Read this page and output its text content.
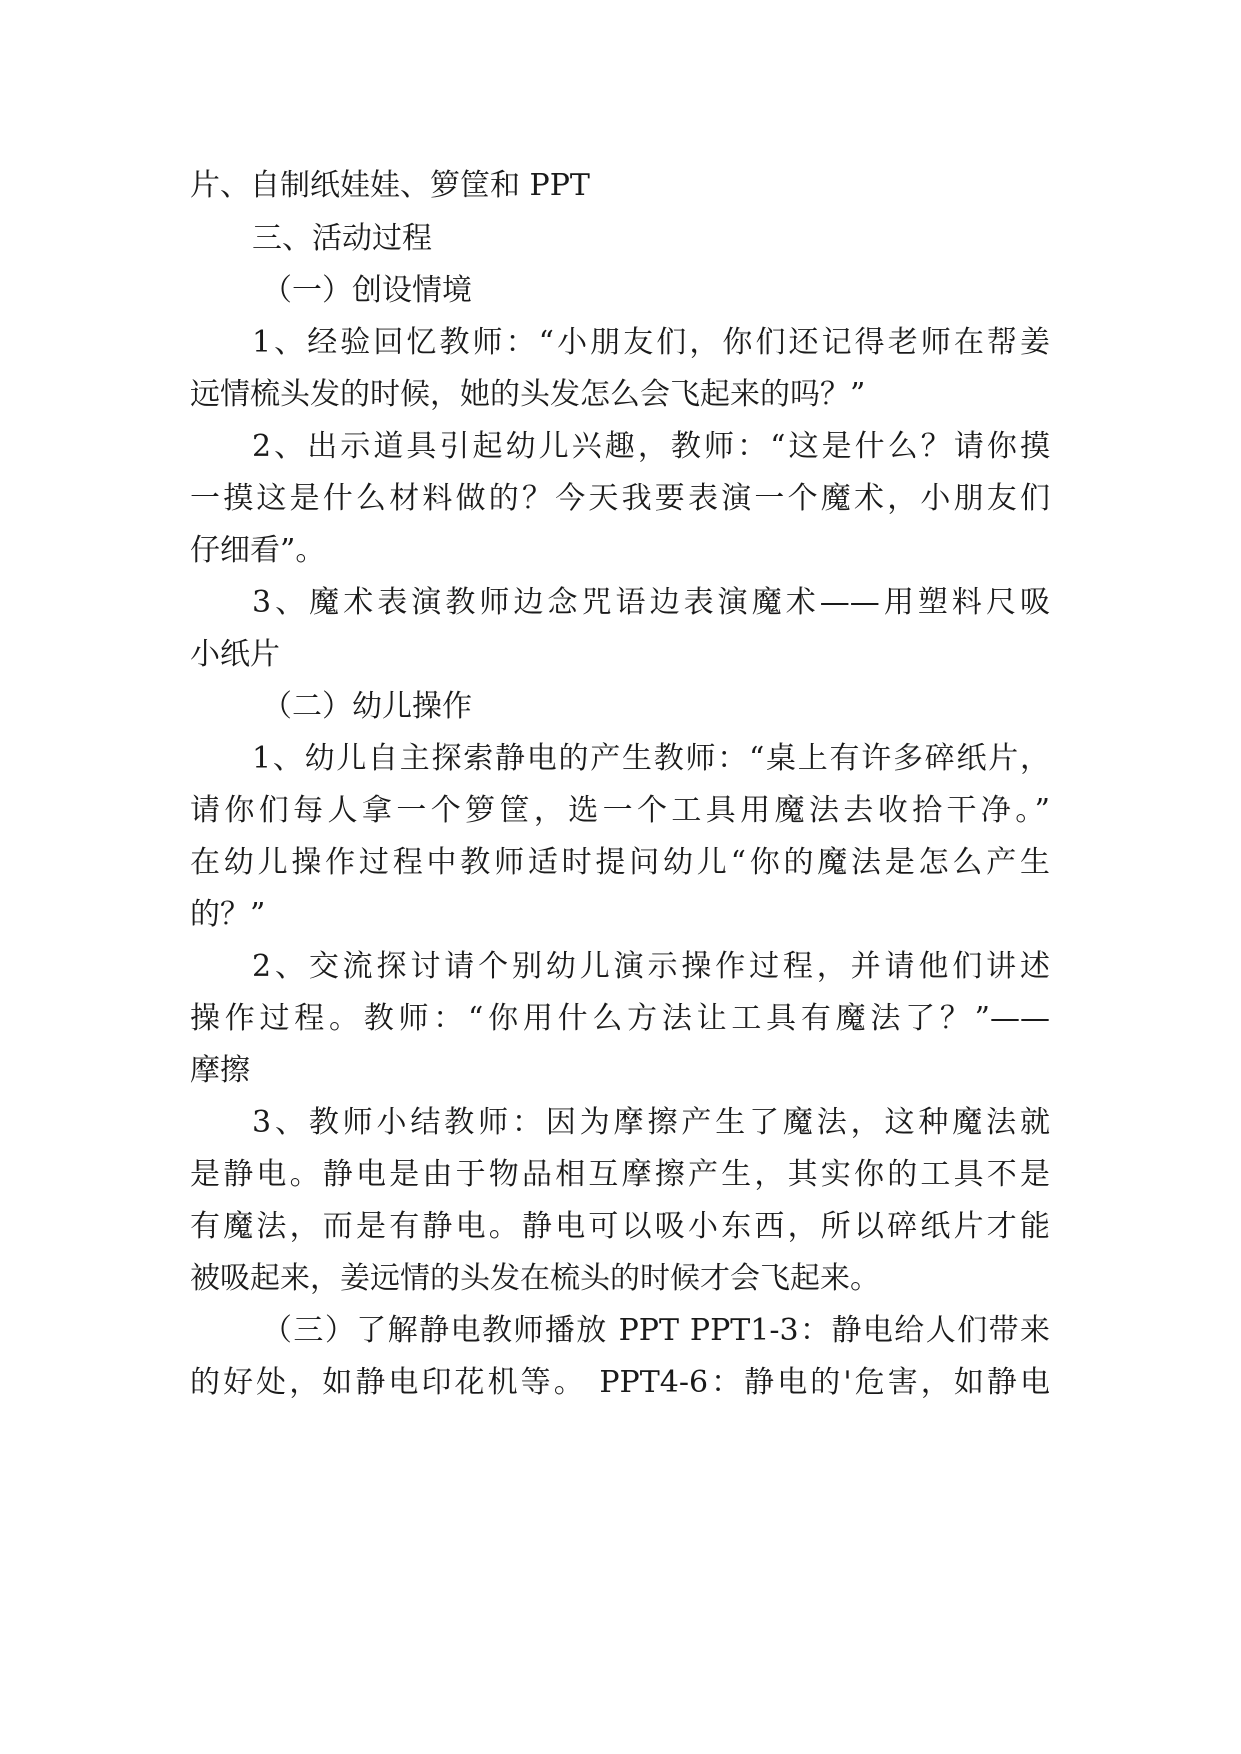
片、自制纸娃娃、箩筐和 PPT

三、活动过程

（一）创设情境

1、经验回忆教师：“小朋友们，你们还记得老师在帮姜

远情梳头发的时候，她的头发怎么会飞起来的吗？”

2、出示道具引起幼儿兴趣，教师：“这是什么？请你摸

一摸这是什么材料做的？今天我要表演一个魔术，小朋友们

仔细看”。

3、魔术表演教师边念咒语边表演魔术——用塑料尺吸

小纸片

（二）幼儿操作

1、幼儿自主探索静电的产生教师：“桌上有许多碎纸片，

请你们每人拿一个箩筐，选一个工具用魔法去收拾干净。”

在幼儿操作过程中教师适时提问幼儿“你的魔法是怎么产生

的？”

2、交流探讨请个别幼儿演示操作过程，并请他们讲述

操作过程。教师：“你用什么方法让工具有魔法了？”——

摩擦

3、教师小结教师：因为摩擦产生了魔法，这种魔法就

是静电。静电是由于物品相互摩擦产生，其实你的工具不是

有魔法，而是有静电。静电可以吸小东西，所以碎纸片才能

被吸起来，姜远情的头发在梳头的时候才会飞起来。

（三）了解静电教师播放 PPT PPT1-3：静电给人们带来

的好处，如静电印花机等。 PPT4-6：静电的'危害，如静电
